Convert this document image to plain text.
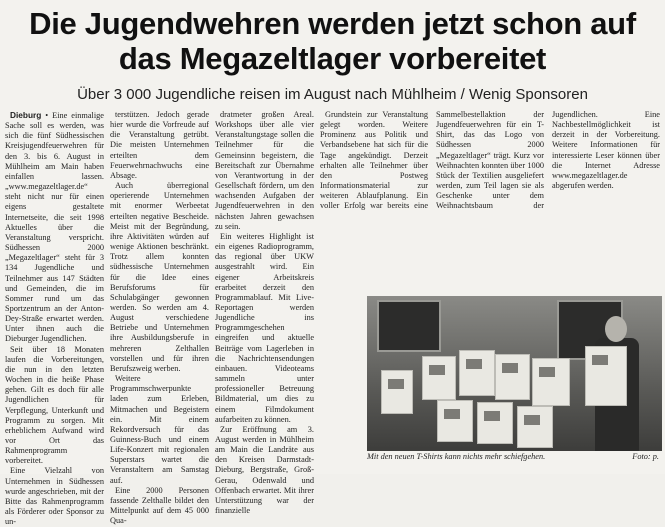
Die Jugendwehren werden jetzt schon auf das Megazeltlager vorbereitet
Über 3 000 Jugendliche reisen im August nach Mühlheim / Wenig Sponsoren

Dieburg • Eine einmalige Sache soll es werden, was sich die fünf Südhessischen Kreisjugendfeuerwehren für den 3. bis 6. August in Mühlheim am Main haben einfallen lassen. „www.megazeltlager.de“ steht nicht nur für einen eigens gestaltete Internetseite, die seit 1998 Aktuelles über die Veranstaltung verspricht. Südhessen 2000 „Megazeltlager“ steht für 3 134 Jugendliche und Teilnehmer aus 147 Städten und Gemeinden, die im Sommer rund um das Sportzentrum an der Anton-Dey-Straße erwartet werden. Unter ihnen auch die Dieburger Jugendlichen.

Seit über 18 Monaten laufen die Vorbereitungen, die nun in den letzten Wochen in die heiße Phase gehen. Gilt es doch für alle Jugendlichen für Verpflegung, Unterkunft und Programm zu sorgen. Mit erheblichem Aufwand wird vor Ort das Rahmenprogramm vorbereitet.

Eine Vielzahl von Unternehmen in Südhessen wurde angeschrieben, mit der Bitte das Rahmenprogramm als Förderer oder Sponsor zu un-

terstützen. Jedoch gerade hier wurde die Vorfreude auf die Veranstaltung getrübt. Die meisten Unternehmen erteilten dem Feuerwehrnachwuchs eine Absage.

Auch überregional operierende Unternehmen mit enormer Werbeetat erteilten negative Bescheide. Meist mit der Begründung, ihre Aktivitäten würden auf wenige Aktionen beschränkt. Trotz allem konnten südhessische Unternehmen für die Idee eines Berufsforums für Schulabgänger gewonnen werden. So werden am 4. August verschiedene Betriebe und Unternehmen ihre Ausbildungsberufe in mehreren Zelthallen vorstellen und für ihren Berufszweig werben.

Weitere Programmschwerpunkte laden zum Erleben, Mitmachen und Begeistern ein. Mit einem Rekordversuch für das Guinness-Buch und einem Life-Konzert mit regionalen Superstars wartet die Veranstaltern am Samstag auf.

Eine 2000 Personen fassende Zelthalle bildet den Mittelpunkt auf dem 45 000 Qua-

dratmeter großen Areal. Workshops über alle vier Veranstaltungstage sollen die Teilnehmer für die Gemeinsinn begeistern, die Bereitschaft zur Übernahme von Verantwortung in der Gesellschaft fördern, um den wachsenden Aufgaben der Jugendfeuerwehren in den nächsten Jahren gewachsen zu sein.

Ein weiteres Highlight ist ein eigenes Radioprogramm, das regional über UKW ausgestrahlt wird. Ein eigener Arbeitskreis erarbeitet derzeit den Programmablauf. Mit Live-Reportagen werden Jugendliche ins Programmgeschehen eingreifen und aktuelle Beiträge vom Lagerleben in die Nachrichtensendungen einbauen. Videoteams sammeln unter professioneller Betreuung Bildmaterial, um dies zu einem Filmdokument aufarbeiten zu können.

Zur Eröffnung am 3. August werden in Mühlheim am Main die Landräte aus den Kreisen Darmstadt-Dieburg, Bergstraße, Groß-Gerau, Odenwald und Offenbach erwartet. Mit ihrer Unterstützung war der finanzielle

Grundstein zur Veranstaltung gelegt worden. Weitere Prominenz aus Politik und Verbandsebene hat sich für die Tage angekündigt. Derzeit erhalten alle Teilnehmer über den Postweg Informationsmaterial zur weiteren Ablaufplanung. Ein voller Erfolg war bereits eine Sammelbestellaktion der Jugendfeuerwehren für ein T-Shirt, das das Logo von Südhessen 2000 „Megazeltlager“ trägt. Kurz vor Weihnachten konnten über 1000 Stück der Textilien ausgeliefert werden, zum Teil lagen sie als Geschenke unter dem Weihnachtsbaum der Jugendlichen. Eine Nachbestellmöglichkeit ist derzeit in der Vorbereitung. Weitere Informationen für interessierte Leser können über die Internet Adresse www.megazeltlager.de abgerufen werden.

Mit den neuen T-Shirts kann nichts mehr schiefgehen.	Foto: p.
